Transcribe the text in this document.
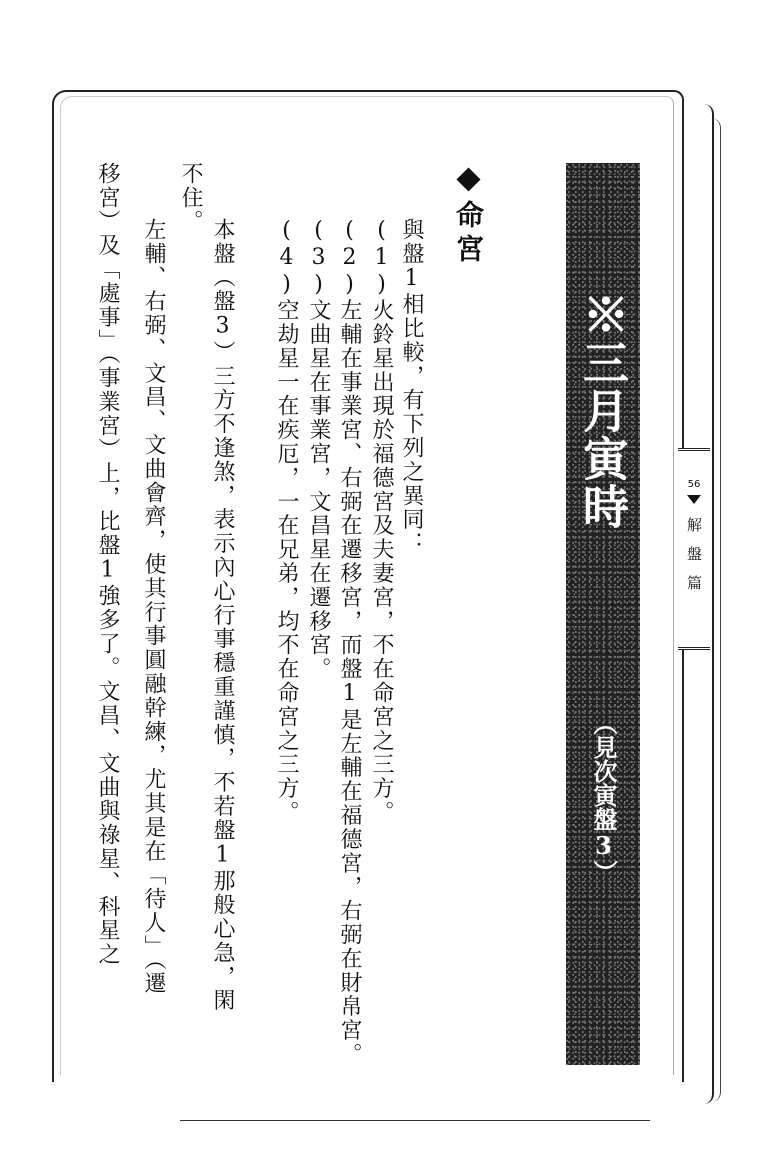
※三月寅時
（見次寅盤3）
56
解盤篇
命宮
與盤1相比較，有下列之異同：
(1)火鈴星出現於福德宮及夫妻宮，不在命宮之三方。
(2)左輔在事業宮、右弼在遷移宮，而盤1是左輔在福德宮，右弼在財帛宮。
(3)文曲星在事業宮，文昌星在遷移宮。
(4)空劫星一在疾厄，一在兄弟，均不在命宮之三方。
本盤（盤3）三方不逢煞，表示內心行事穩重謹慎，不若盤1那般心急，閑
不住。
左輔、右弼、文昌、文曲會齊，使其行事圓融幹練，尤其是在「待人」（遷
移宮）及「處事」（事業宮）上，比盤1強多了。文昌、文曲與祿星、科星之
